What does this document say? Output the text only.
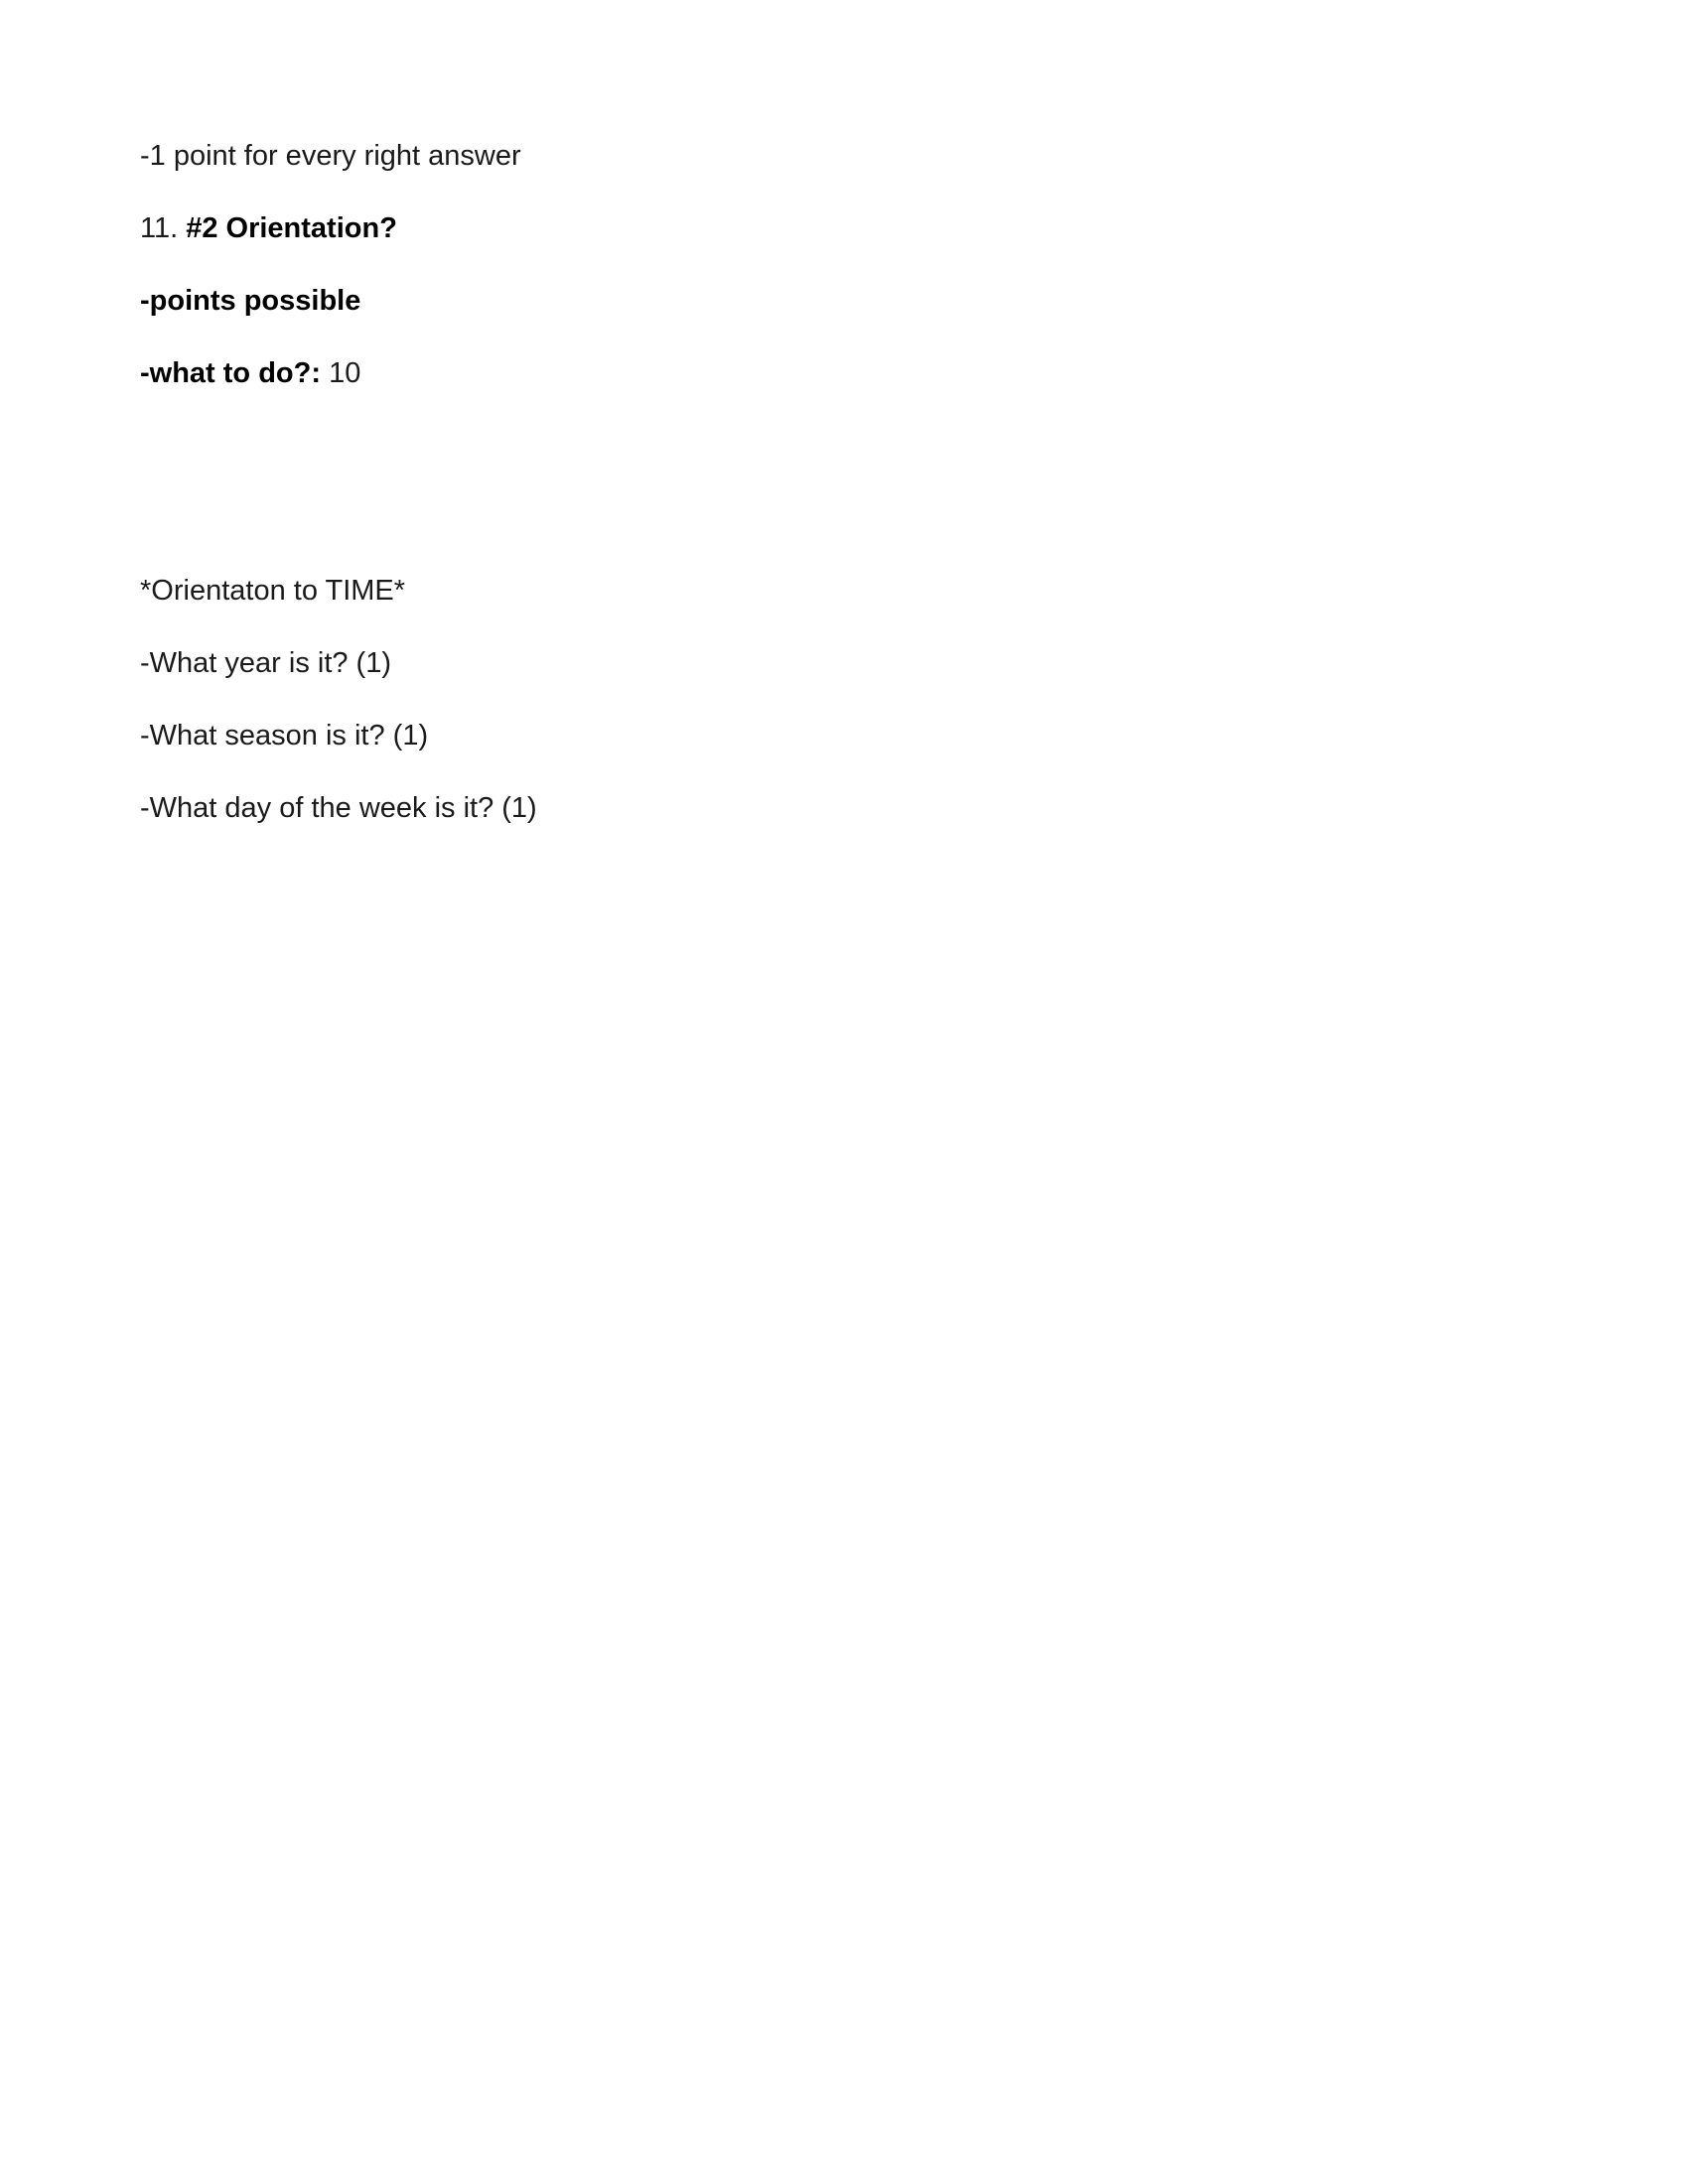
-1 point for every right answer

11. #2 Orientation?

-points possible

-what to do?: 10

*Orientaton to TIME*

-What year is it? (1)

-What season is it? (1)

-What day of the week is it? (1)
